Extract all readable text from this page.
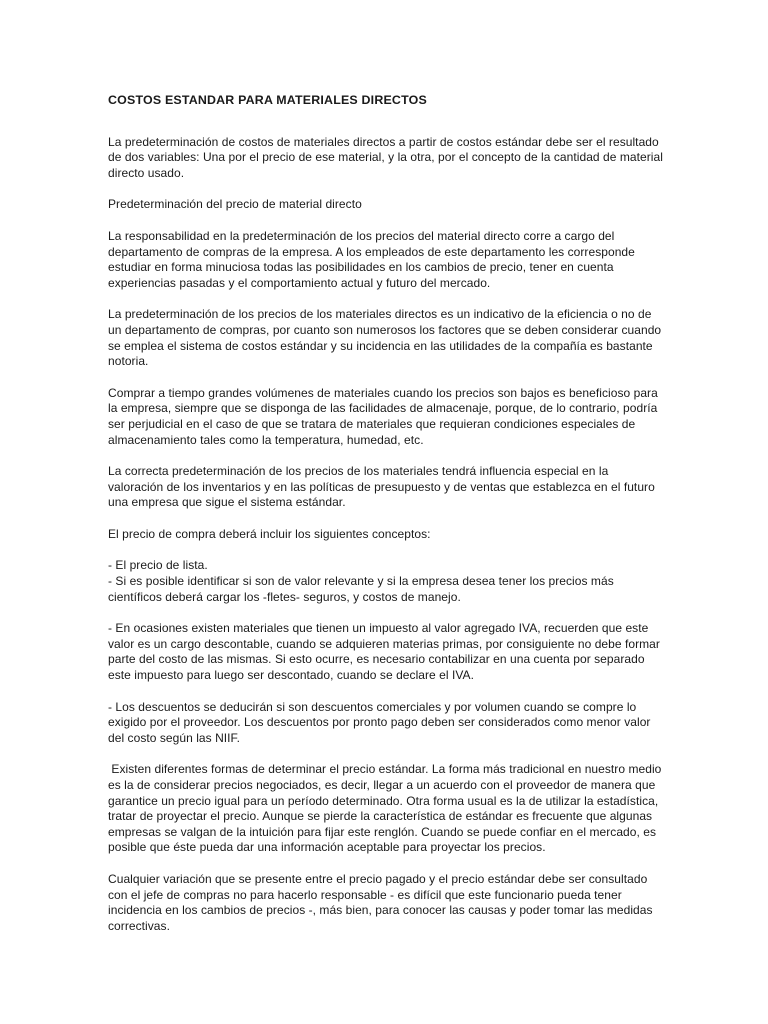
COSTOS ESTANDAR PARA MATERIALES DIRECTOS
La predeterminación de costos de materiales directos a partir de costos estándar debe ser el resultado de dos variables: Una por el precio de ese material, y la otra, por el concepto de la cantidad de material directo usado.
Predeterminación del precio de material directo
La responsabilidad en la predeterminación de los precios del material directo corre a cargo del departamento de compras de la empresa. A los empleados de este departamento les corresponde estudiar en forma minuciosa todas las posibilidades en los cambios de precio, tener en cuenta experiencias pasadas y el comportamiento actual y futuro del mercado.
La predeterminación de los precios de los materiales directos es un indicativo de la eficiencia o no de un departamento de compras, por cuanto son numerosos los factores que se deben considerar cuando se emplea el sistema de costos estándar y su incidencia en las utilidades de la compañía es bastante notoria.
Comprar a tiempo grandes volúmenes de materiales cuando los precios son bajos es beneficioso para la empresa, siempre que se disponga de las facilidades de almacenaje, porque, de lo contrario, podría ser perjudicial en el caso de que se tratara de materiales que requieran condiciones especiales de almacenamiento tales como la temperatura, humedad, etc.
La correcta predeterminación de los precios de los materiales tendrá influencia especial en la valoración de los inventarios y en las políticas de presupuesto y de ventas que establezca en el futuro una empresa que sigue el sistema estándar.
El precio de compra deberá incluir los siguientes conceptos:
- El precio de lista.
- Si es posible identificar si son de valor relevante y si la empresa desea tener los precios más científicos deberá cargar los -fletes- seguros, y costos de manejo.
- En ocasiones existen materiales que tienen un impuesto al valor agregado IVA, recuerden que este valor es un cargo descontable, cuando se adquieren materias primas, por consiguiente no debe formar parte del costo de las mismas. Si esto ocurre, es necesario contabilizar en una cuenta por separado este impuesto para luego ser descontado, cuando se declare el IVA.
- Los descuentos se deducirán si son descuentos comerciales y por volumen cuando se compre lo exigido por el proveedor. Los descuentos por pronto pago deben ser considerados como menor valor del costo según las NIIF.
Existen diferentes formas de determinar el precio estándar. La forma más tradicional en nuestro medio es la de considerar precios negociados, es decir, llegar a un acuerdo con el proveedor de manera que garantice un precio igual para un período determinado. Otra forma usual es la de utilizar la estadística, tratar de proyectar el precio. Aunque se pierde la característica de estándar es frecuente que algunas empresas se valgan de la intuición para fijar este renglón. Cuando se puede confiar en el mercado, es posible que éste pueda dar una información aceptable para proyectar los precios.
Cualquier variación que se presente entre el precio pagado y el precio estándar debe ser consultado con el jefe de compras no para hacerlo responsable - es difícil que este funcionario pueda tener incidencia en los cambios de precios -, más bien, para conocer las causas y poder tomar las medidas correctivas.
